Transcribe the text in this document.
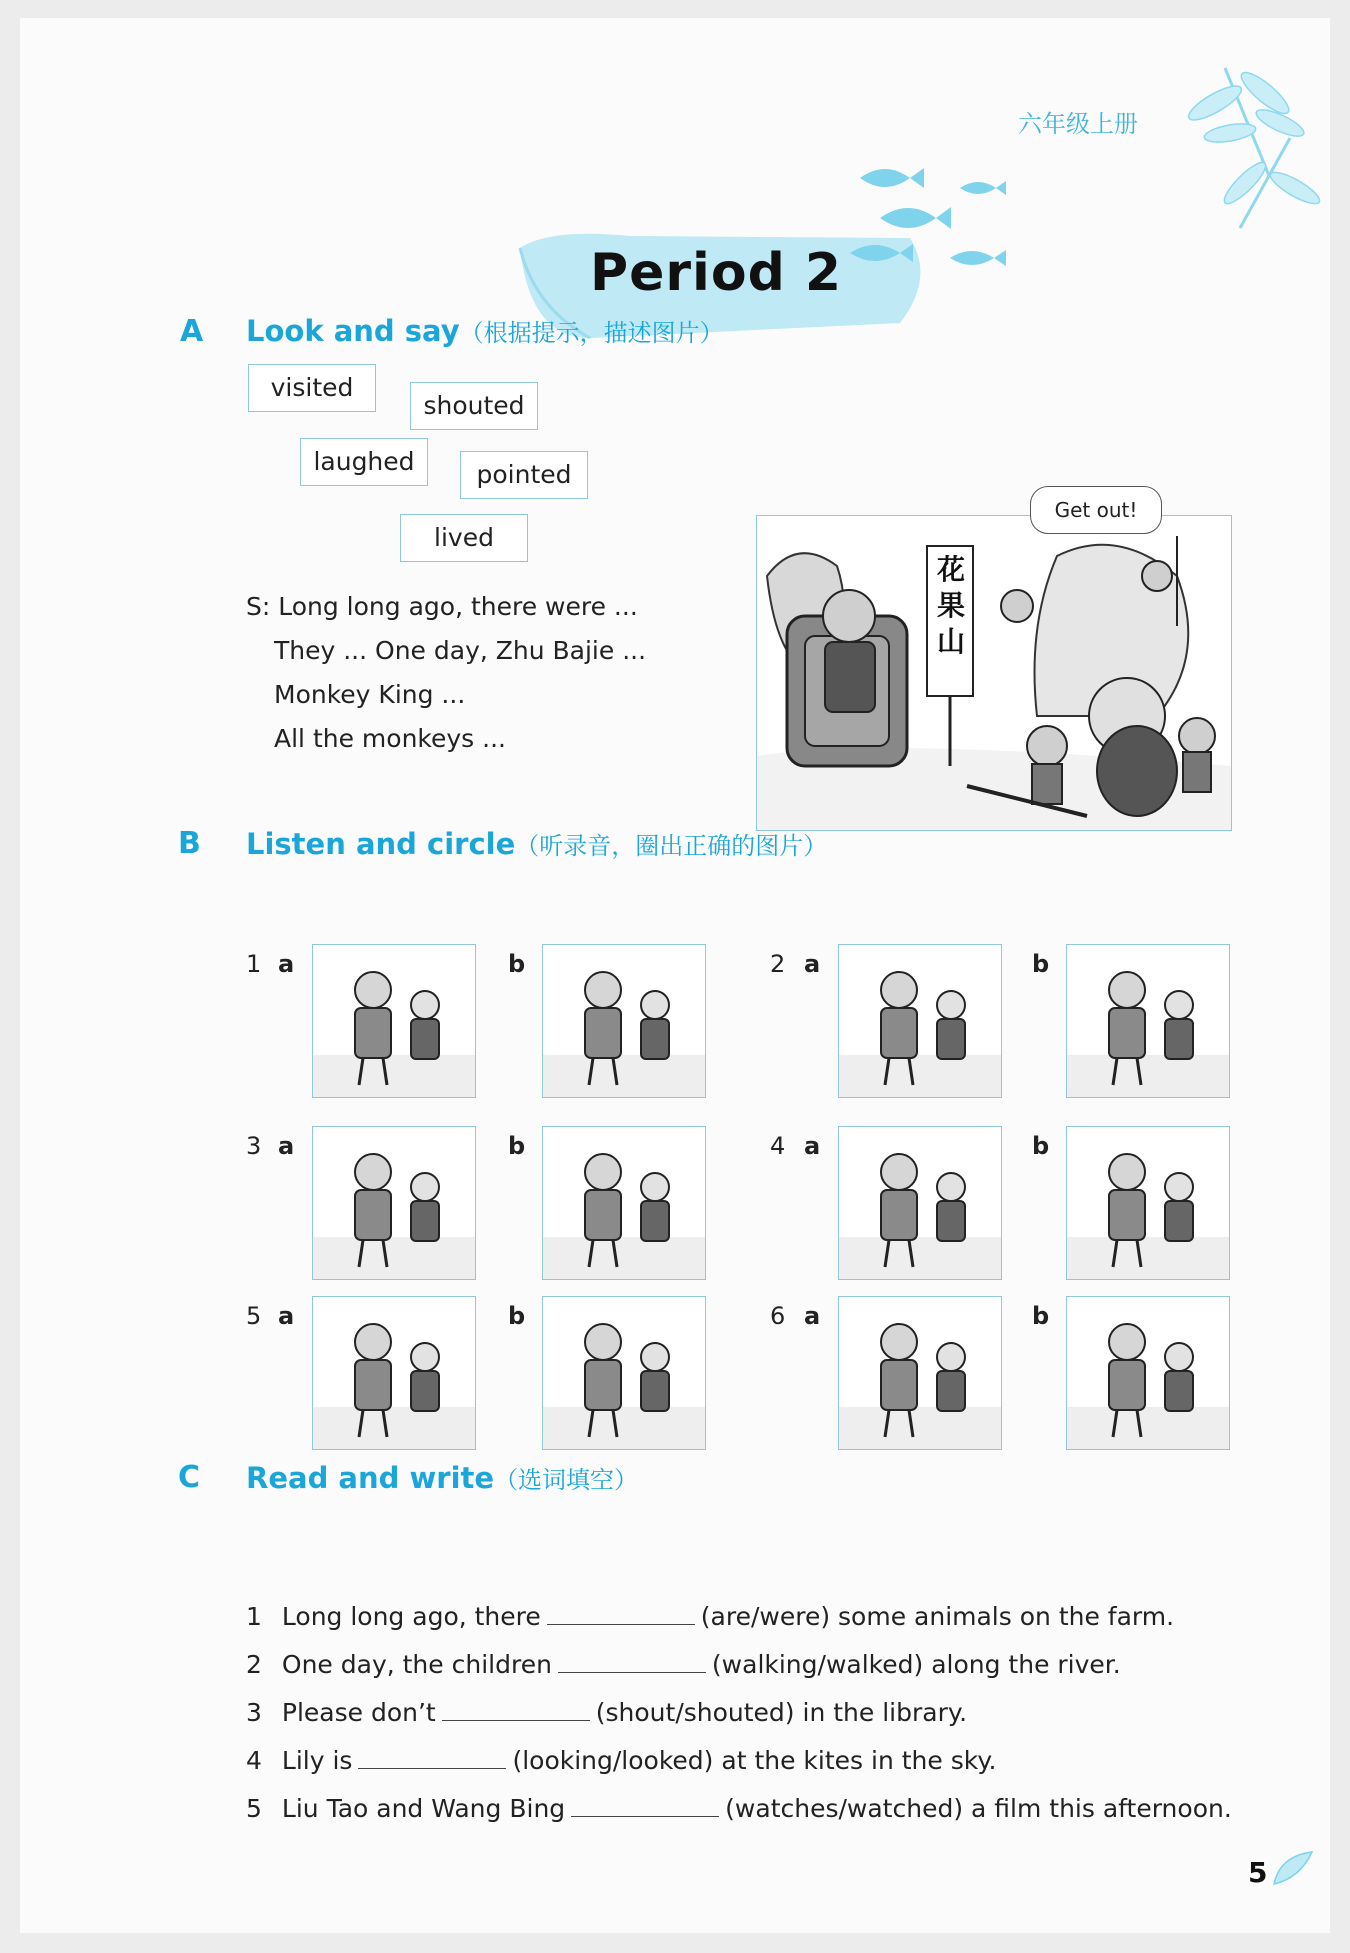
六年级上册
Period 2
A Look and say（根据提示，描述图片）
visited
shouted
laughed	pointed
lived
S: Long long ago, there were ...
They ... One day, Zhu Bajie ...
Monkey King ...
All the monkeys ...
花
果
山
Get out!
B Listen and circle（听录音，圈出正确的图片）
1 a	b	2 a	b
3 a	b	4 a	b
5 a	b	6 a	b
C Read and write（选词填空）
1 Long long ago, there	(are/were) some animals on the farm.
2 One day, the children	(walking/walked) along the river.
3 Please don’t	(shout/shouted) in the library.
4 Lily is	(looking/looked) at the kites in the sky.
5 Liu Tao and Wang Bing	(watches/watched) a film this afternoon.
5
